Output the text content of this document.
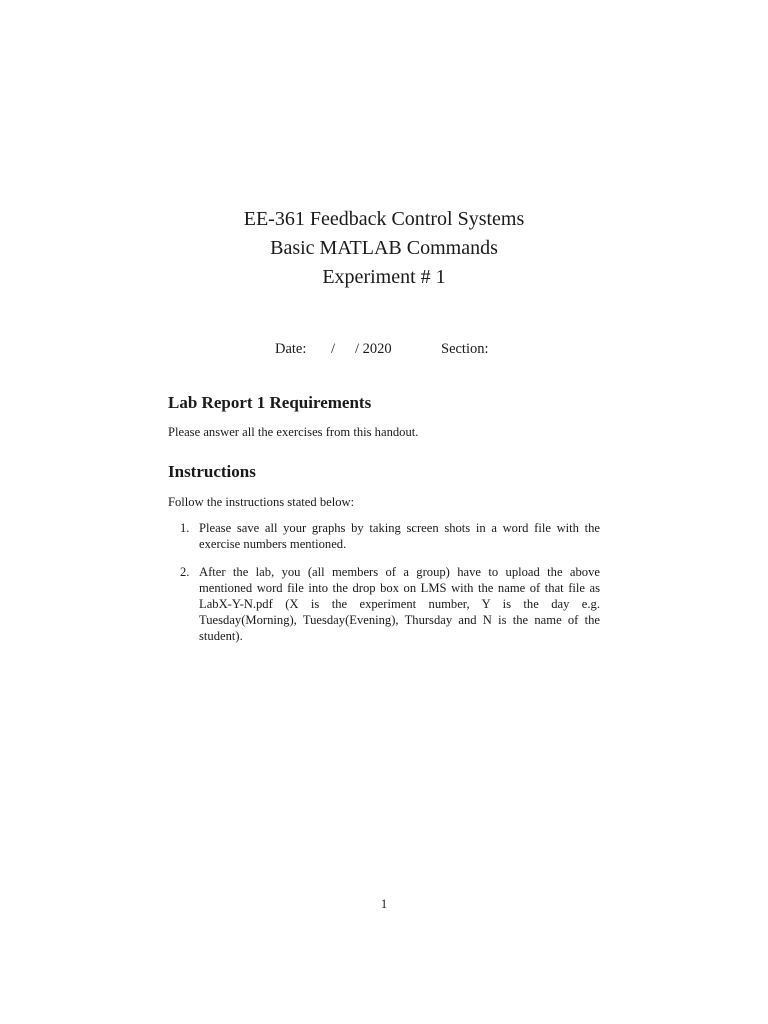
EE-361 Feedback Control Systems
Basic MATLAB Commands
Experiment # 1
Date: / / 2020	Section:
Lab Report 1 Requirements
Please answer all the exercises from this handout.
Instructions
Follow the instructions stated below:
1. Please save all your graphs by taking screen shots in a word file with the exercise numbers mentioned.
2. After the lab, you (all members of a group) have to upload the above mentioned word file into the drop box on LMS with the name of that file as LabX-Y-N.pdf (X is the experiment number, Y is the day e.g. Tuesday(Morning), Tuesday(Evening), Thursday and N is the name of the student).
1
